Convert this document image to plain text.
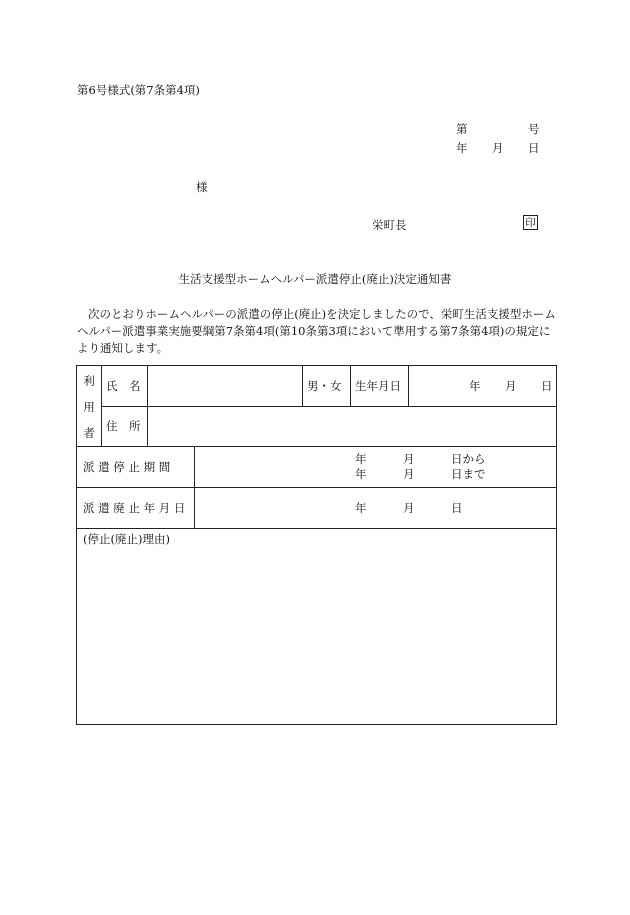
第6号様式(第7条第4項)
第	号
年 月 日
様
栄町長	印
生活支援型ホームヘルパー派遣停止(廃止)決定通知書
次のとおりホームヘルパーの派遣の停止(廃止)を決定しましたので、栄町生活支援型ホームヘルパー派遣事業実施要綱第7条第4項(第10条第3項において準用する第7条第4項)の規定により通知します。
利
用
者
氏　名	男・女 生年月日	年 月 日
住　所
派 遣 停 止 期 間
年	月	日から
年	月	日まで
派 遣 廃 止 年 月 日	年	月	日
(停止(廃止)理由)
